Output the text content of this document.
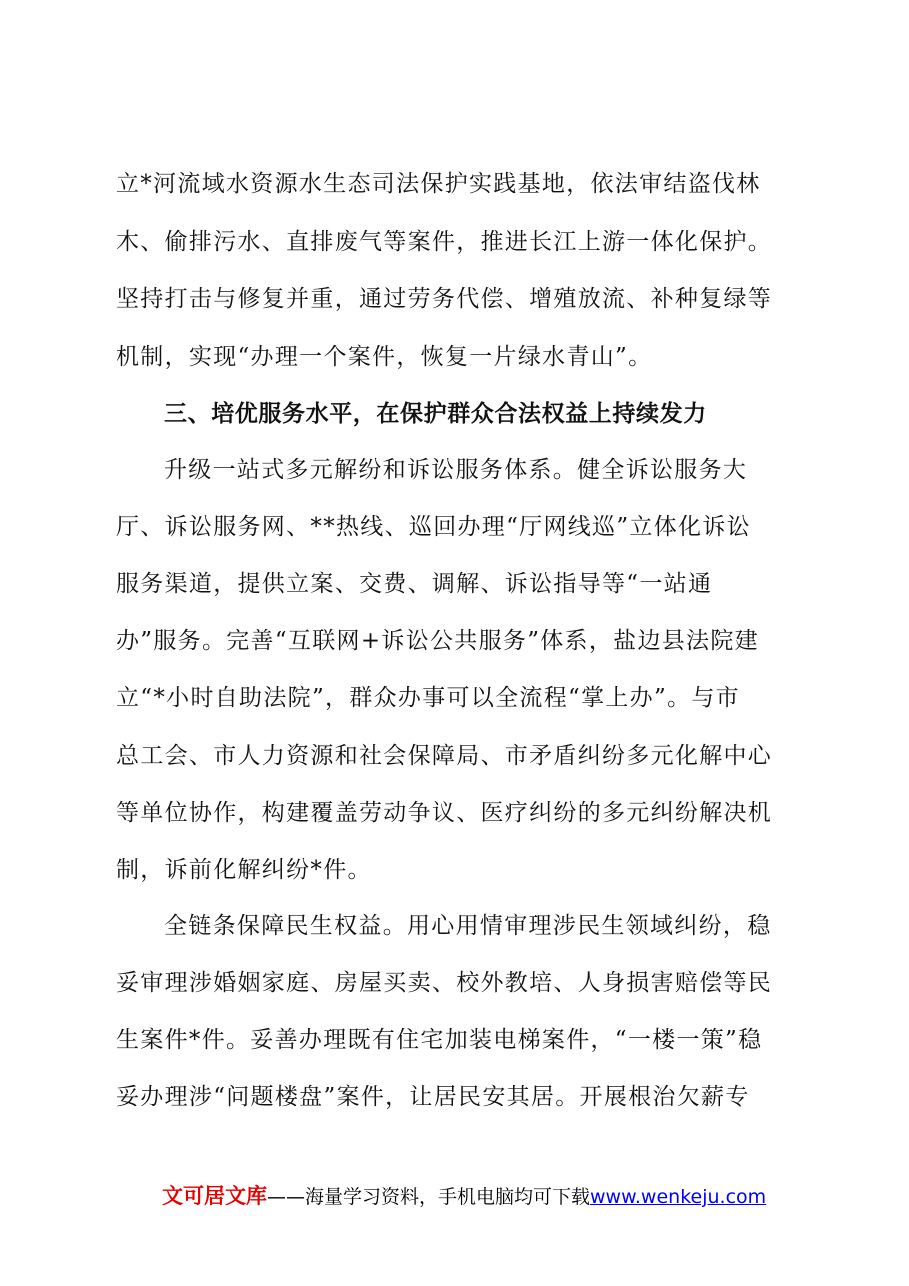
立*河流域水资源水生态司法保护实践基地，依法审结盗伐林
木、偷排污水、直排废气等案件，推进长江上游一体化保护。
坚持打击与修复并重，通过劳务代偿、增殖放流、补种复绿等
机制，实现“办理一个案件，恢复一片绿水青山”。
三、培优服务水平，在保护群众合法权益上持续发力
升级一站式多元解纷和诉讼服务体系。健全诉讼服务大
厅、诉讼服务网、**热线、巡回办理“厅网线巡”立体化诉讼
服务渠道，提供立案、交费、调解、诉讼指导等“一站通
办”服务。完善“互联网+诉讼公共服务”体系，盐边县法院建
立“*小时自助法院”，群众办事可以全流程“掌上办”。与市
总工会、市人力资源和社会保障局、市矛盾纠纷多元化解中心
等单位协作，构建覆盖劳动争议、医疗纠纷的多元纠纷解决机
制，诉前化解纠纷*件。
全链条保障民生权益。用心用情审理涉民生领域纠纷，稳
妥审理涉婚姻家庭、房屋买卖、校外教培、人身损害赔偿等民
生案件*件。妥善办理既有住宅加装电梯案件，“一楼一策”稳
妥办理涉“问题楼盘”案件，让居民安其居。开展根治欠薪专
文可居文库——海量学习资料，手机电脑均可下载www.wenkeju.com
